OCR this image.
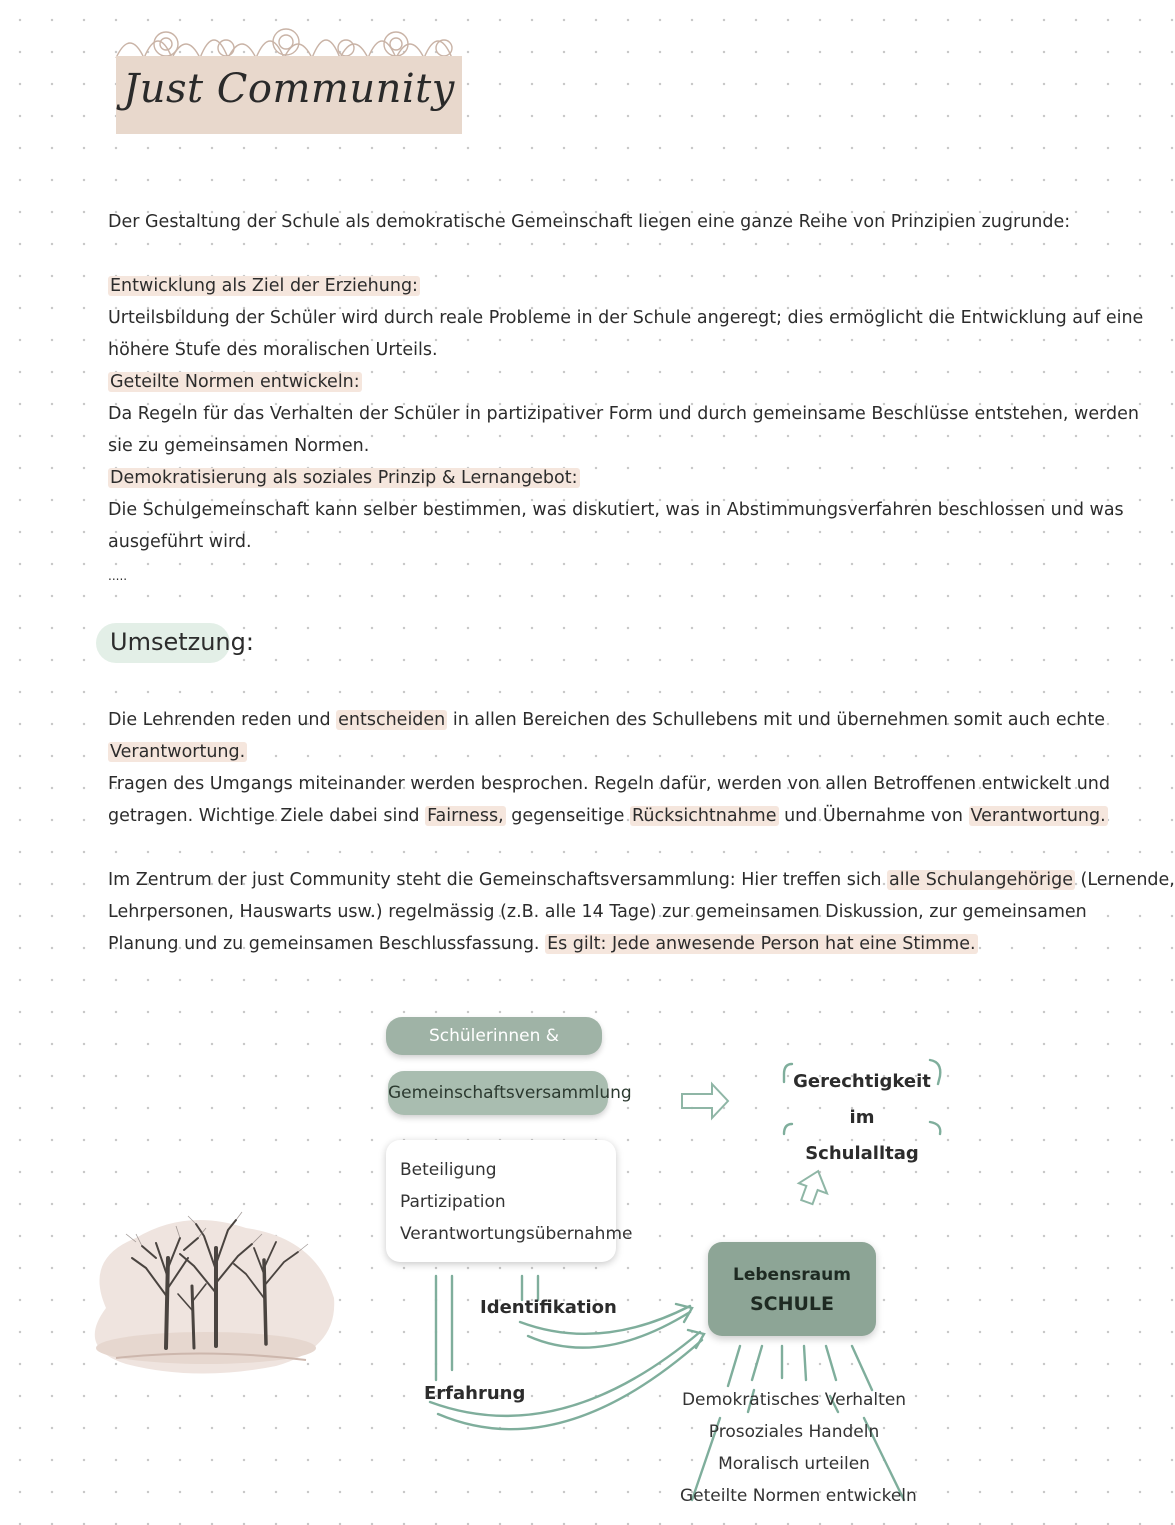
Just Community
Der Gestaltung der Schule als demokratische Gemeinschaft liegen eine ganze Reihe von Prinzipien zugrunde:
Entwicklung als Ziel der Erziehung:
Urteilsbildung der Schüler wird durch reale Probleme in der Schule angeregt; dies ermöglicht die Entwicklung auf eine
höhere Stufe des moralischen Urteils.
Geteilte Normen entwickeln:
Da Regeln für das Verhalten der Schüler in partizipativer Form und durch gemeinsame Beschlüsse entstehen, werden
sie zu gemeinsamen Normen.
Demokratisierung als soziales Prinzip & Lernangebot:
Die Schulgemeinschaft kann selber bestimmen, was diskutiert, was in Abstimmungsverfahren beschlossen und was
ausgeführt wird.
.....
Umsetzung:
Die Lehrenden reden und entscheiden in allen Bereichen des Schullebens mit und übernehmen somit auch echte
Verantwortung.
Fragen des Umgangs miteinander werden besprochen. Regeln dafür, werden von allen Betroffenen entwickelt und
getragen. Wichtige Ziele dabei sind Fairness, gegenseitige Rücksichtnahme und Übernahme von Verantwortung.
Im Zentrum der just Community steht die Gemeinschaftsversammlung: Hier treffen sich alle Schulangehörige (Lernende,
Lehrpersonen, Hauswarts usw.) regelmässig (z.B. alle 14 Tage) zur gemeinsamen Diskussion, zur gemeinsamen
Planung und zu gemeinsamen Beschlussfassung. Es gilt: Jede anwesende Person hat eine Stimme.
Schülerinnen &
Gemeinschaftsversammlung
Gerechtigkeit im
Schulalltag
Beteiligung
Partizipation
Verantwortungsübernahme
Identifikation
Erfahrung
Lebensraum
SCHULE
Demokratisches Verhalten
Prosoziales Handeln
Moralisch urteilen
Geteilte Normen entwickeln
